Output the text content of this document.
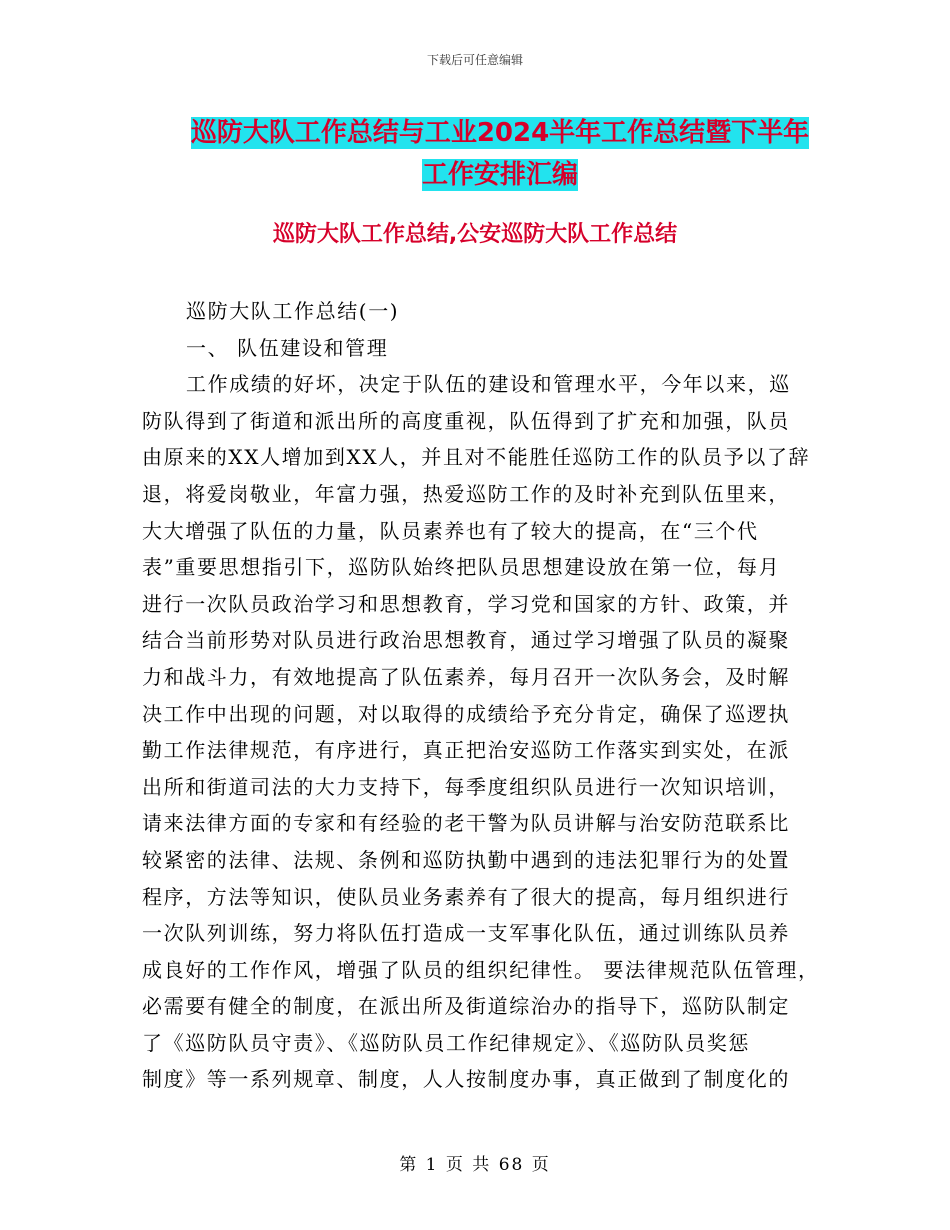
下载后可任意编辑
巡防大队工作总结与工业2024半年工作总结暨下半年
工作安排汇编
巡防大队工作总结,公安巡防大队工作总结
巡防大队工作总结(一)
一、 队伍建设和管理
工作成绩的好坏，决定于队伍的建设和管理水平，今年以来，巡
防队得到了街道和派出所的高度重视，队伍得到了扩充和加强，队员
由原来的XX人增加到XX人，并且对不能胜任巡防工作的队员予以了辞
退，将爱岗敬业，年富力强，热爱巡防工作的及时补充到队伍里来，
大大增强了队伍的力量，队员素养也有了较大的提高，在“三个代
表”重要思想指引下，巡防队始终把队员思想建设放在第一位，每月
进行一次队员政治学习和思想教育，学习党和国家的方针、政策，并
结合当前形势对队员进行政治思想教育，通过学习增强了队员的凝聚
力和战斗力，有效地提高了队伍素养，每月召开一次队务会，及时解
决工作中出现的问题，对以取得的成绩给予充分肯定，确保了巡逻执
勤工作法律规范，有序进行，真正把治安巡防工作落实到实处，在派
出所和街道司法的大力支持下，每季度组织队员进行一次知识培训，
请来法律方面的专家和有经验的老干警为队员讲解与治安防范联系比
较紧密的法律、法规、条例和巡防执勤中遇到的违法犯罪行为的处置
程序，方法等知识，使队员业务素养有了很大的提高，每月组织进行
一次队列训练，努力将队伍打造成一支军事化队伍，通过训练队员养
成良好的工作作风，增强了队员的组织纪律性。 要法律规范队伍管理，
必需要有健全的制度，在派出所及街道综治办的指导下，巡防队制定
了《巡防队员守责》、《巡防队员工作纪律规定》、《巡防队员奖惩
制度》等一系列规章、制度，人人按制度办事，真正做到了制度化的
第 1 页 共 68 页
